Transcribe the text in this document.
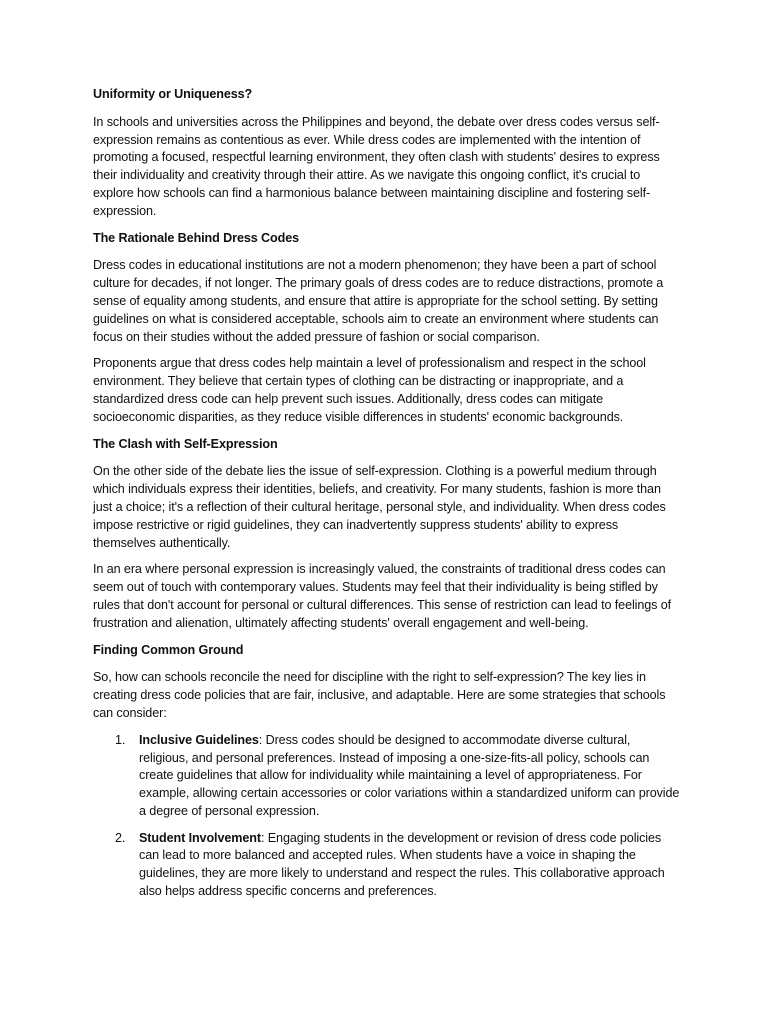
Uniformity or Uniqueness?

In schools and universities across the Philippines and beyond, the debate over dress codes versus self-expression remains as contentious as ever. While dress codes are implemented with the intention of promoting a focused, respectful learning environment, they often clash with students' desires to express their individuality and creativity through their attire. As we navigate this ongoing conflict, it's crucial to explore how schools can find a harmonious balance between maintaining discipline and fostering self-expression.

The Rationale Behind Dress Codes

Dress codes in educational institutions are not a modern phenomenon; they have been a part of school culture for decades, if not longer. The primary goals of dress codes are to reduce distractions, promote a sense of equality among students, and ensure that attire is appropriate for the school setting. By setting guidelines on what is considered acceptable, schools aim to create an environment where students can focus on their studies without the added pressure of fashion or social comparison.

Proponents argue that dress codes help maintain a level of professionalism and respect in the school environment. They believe that certain types of clothing can be distracting or inappropriate, and a standardized dress code can help prevent such issues. Additionally, dress codes can mitigate socioeconomic disparities, as they reduce visible differences in students' economic backgrounds.

The Clash with Self-Expression

On the other side of the debate lies the issue of self-expression. Clothing is a powerful medium through which individuals express their identities, beliefs, and creativity. For many students, fashion is more than just a choice; it's a reflection of their cultural heritage, personal style, and individuality. When dress codes impose restrictive or rigid guidelines, they can inadvertently suppress students' ability to express themselves authentically.

In an era where personal expression is increasingly valued, the constraints of traditional dress codes can seem out of touch with contemporary values. Students may feel that their individuality is being stifled by rules that don't account for personal or cultural differences. This sense of restriction can lead to feelings of frustration and alienation, ultimately affecting students' overall engagement and well-being.

Finding Common Ground

So, how can schools reconcile the need for discipline with the right to self-expression? The key lies in creating dress code policies that are fair, inclusive, and adaptable. Here are some strategies that schools can consider:

1. Inclusive Guidelines: Dress codes should be designed to accommodate diverse cultural, religious, and personal preferences. Instead of imposing a one-size-fits-all policy, schools can create guidelines that allow for individuality while maintaining a level of appropriateness. For example, allowing certain accessories or color variations within a standardized uniform can provide a degree of personal expression.
2. Student Involvement: Engaging students in the development or revision of dress code policies can lead to more balanced and accepted rules. When students have a voice in shaping the guidelines, they are more likely to understand and respect the rules. This collaborative approach also helps address specific concerns and preferences.
